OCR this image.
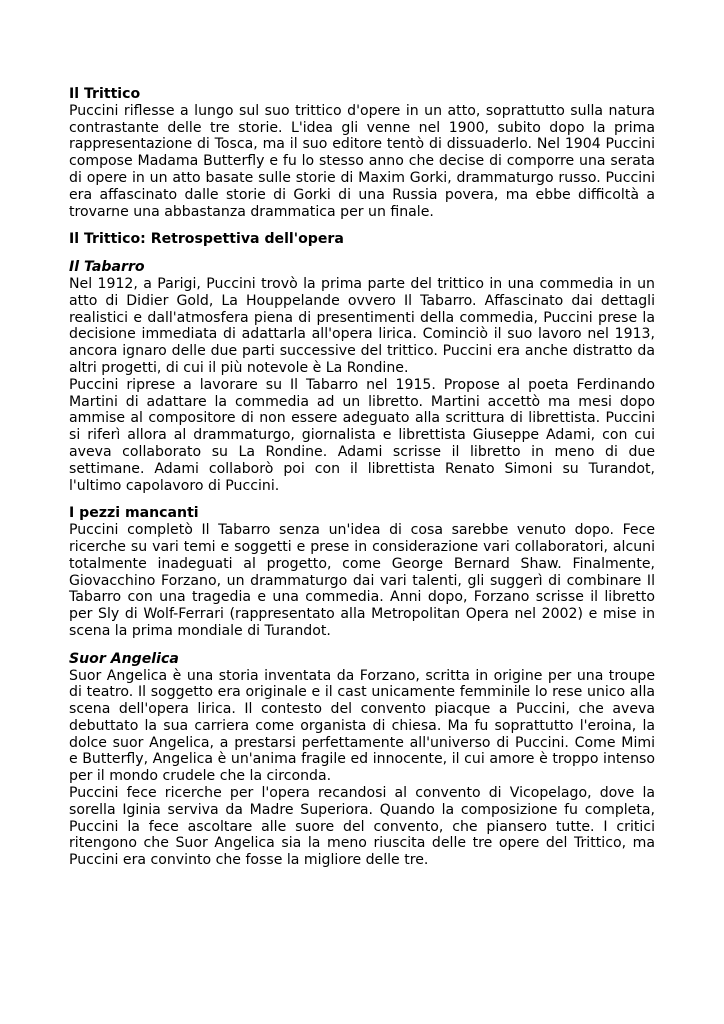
Il Trittico

Puccini riflesse a lungo sul suo trittico d'opere in un atto, soprattutto sulla natura contrastante delle tre storie. L'idea gli venne nel 1900, subito dopo la prima rappresentazione di Tosca, ma il suo editore tentò di dissuaderlo. Nel 1904 Puccini compose Madama Butterfly e fu lo stesso anno che decise di comporre una serata di opere in un atto basate sulle storie di Maxim Gorki, drammaturgo russo. Puccini era affascinato dalle storie di Gorki di una Russia povera, ma ebbe difficoltà a trovarne una abbastanza drammatica per un finale.

Il Trittico: Retrospettiva dell'opera

Il Tabarro

Nel 1912, a Parigi, Puccini trovò la prima parte del trittico in una commedia in un atto di Didier Gold, La Houppelande ovvero Il Tabarro. Affascinato dai dettagli realistici e dall'atmosfera piena di presentimenti della commedia, Puccini prese la decisione immediata di adattarla all'opera lirica. Cominciò il suo lavoro nel 1913, ancora ignaro delle due parti successive del trittico. Puccini era anche distratto da altri progetti, di cui il più notevole è La Rondine.

Puccini riprese a lavorare su Il Tabarro nel 1915. Propose al poeta Ferdinando Martini di adattare la commedia ad un libretto. Martini accettò ma mesi dopo ammise al compositore di non essere adeguato alla scrittura di librettista. Puccini si riferì allora al drammaturgo, giornalista e librettista Giuseppe Adami, con cui aveva collaborato su La Rondine. Adami scrisse il libretto in meno di due settimane. Adami collaborò poi con il librettista Renato Simoni su Turandot, l'ultimo capolavoro di Puccini.

I pezzi mancanti

Puccini completò Il Tabarro senza un'idea di cosa sarebbe venuto dopo. Fece ricerche su vari temi e soggetti e prese in considerazione vari collaboratori, alcuni totalmente inadeguati al progetto, come George Bernard Shaw. Finalmente, Giovacchino Forzano, un drammaturgo dai vari talenti, gli suggerì di combinare Il Tabarro con una tragedia e una commedia. Anni dopo, Forzano scrisse il libretto per Sly di Wolf-Ferrari (rappresentato alla Metropolitan Opera nel 2002) e mise in scena la prima mondiale di Turandot.

Suor Angelica

Suor Angelica è una storia inventata da Forzano, scritta in origine per una troupe di teatro. Il soggetto era originale e il cast unicamente femminile lo rese unico alla scena dell'opera lirica. Il contesto del convento piacque a Puccini, che aveva debuttato la sua carriera come organista di chiesa. Ma fu soprattutto l'eroina, la dolce suor Angelica, a prestarsi perfettamente all'universo di Puccini. Come Mimi e Butterfly, Angelica è un'anima fragile ed innocente, il cui amore è troppo intenso per il mondo crudele che la circonda.

Puccini fece ricerche per l'opera recandosi al convento di Vicopelago, dove la sorella Iginia serviva da Madre Superiora. Quando la composizione fu completa, Puccini la fece ascoltare alle suore del convento, che piansero tutte. I critici ritengono che Suor Angelica sia la meno riuscita delle tre opere del Trittico, ma Puccini era convinto che fosse la migliore delle tre.
